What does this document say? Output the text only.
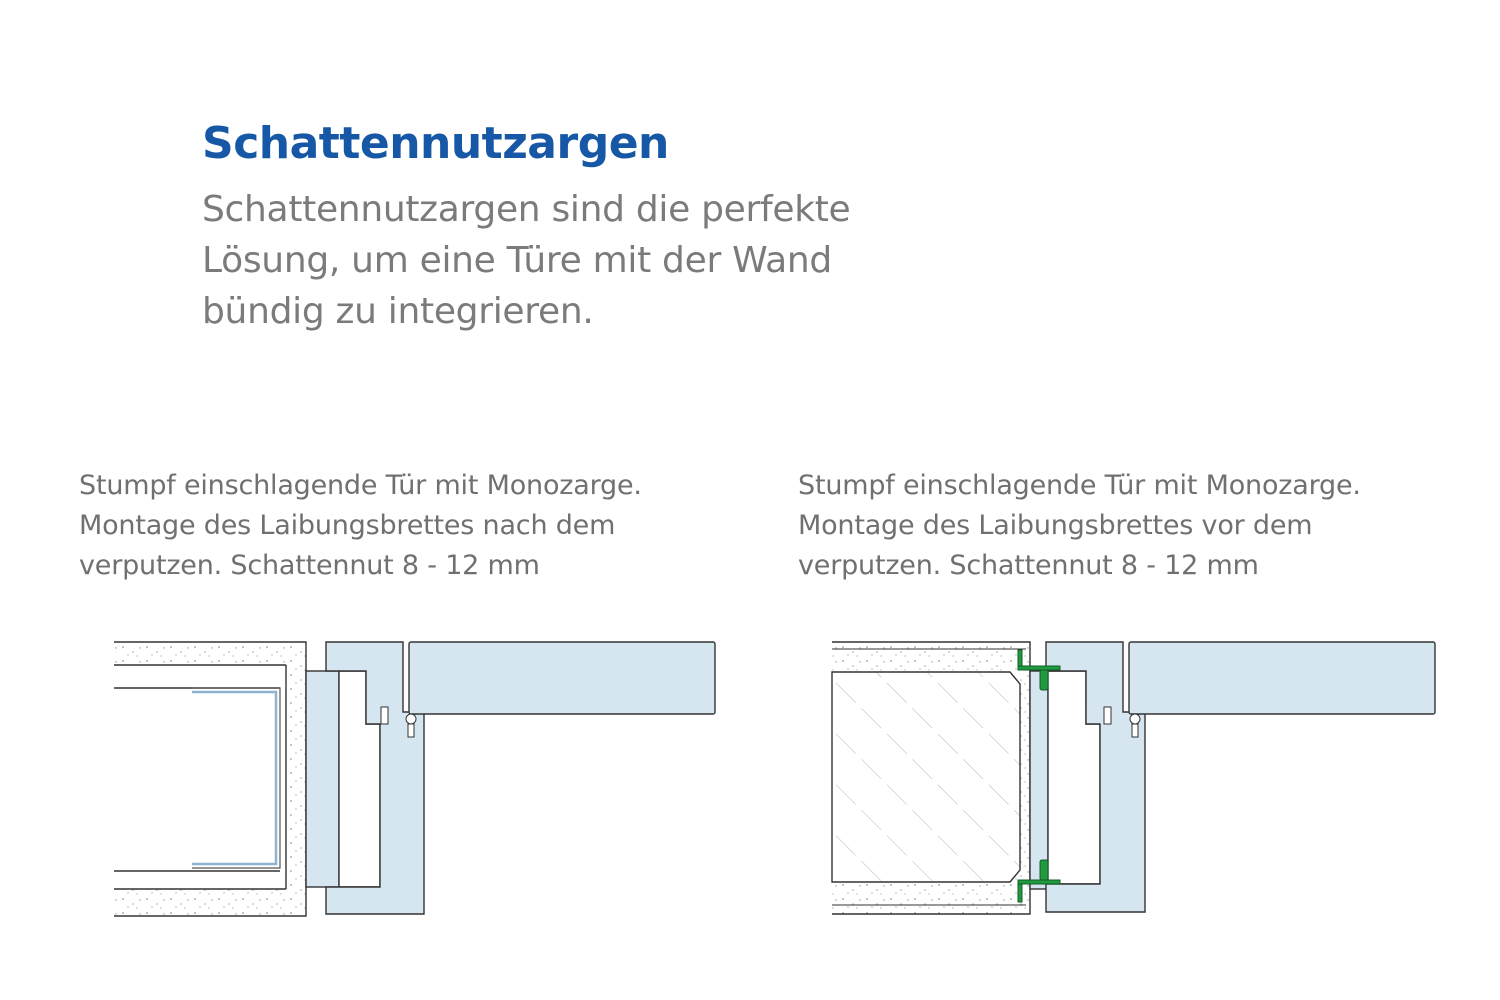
Schattennutzargen

Schattennutzargen sind die perfekte
Lösung, um eine Türe mit der Wand
bündig zu integrieren.

Stumpf einschlagende Tür mit Monozarge.
Montage des Laibungsbrettes nach dem
verputzen. Schattennut 8 - 12 mm

Stumpf einschlagende Tür mit Monozarge.
Montage des Laibungsbrettes vor dem
verputzen. Schattennut 8 - 12 mm
